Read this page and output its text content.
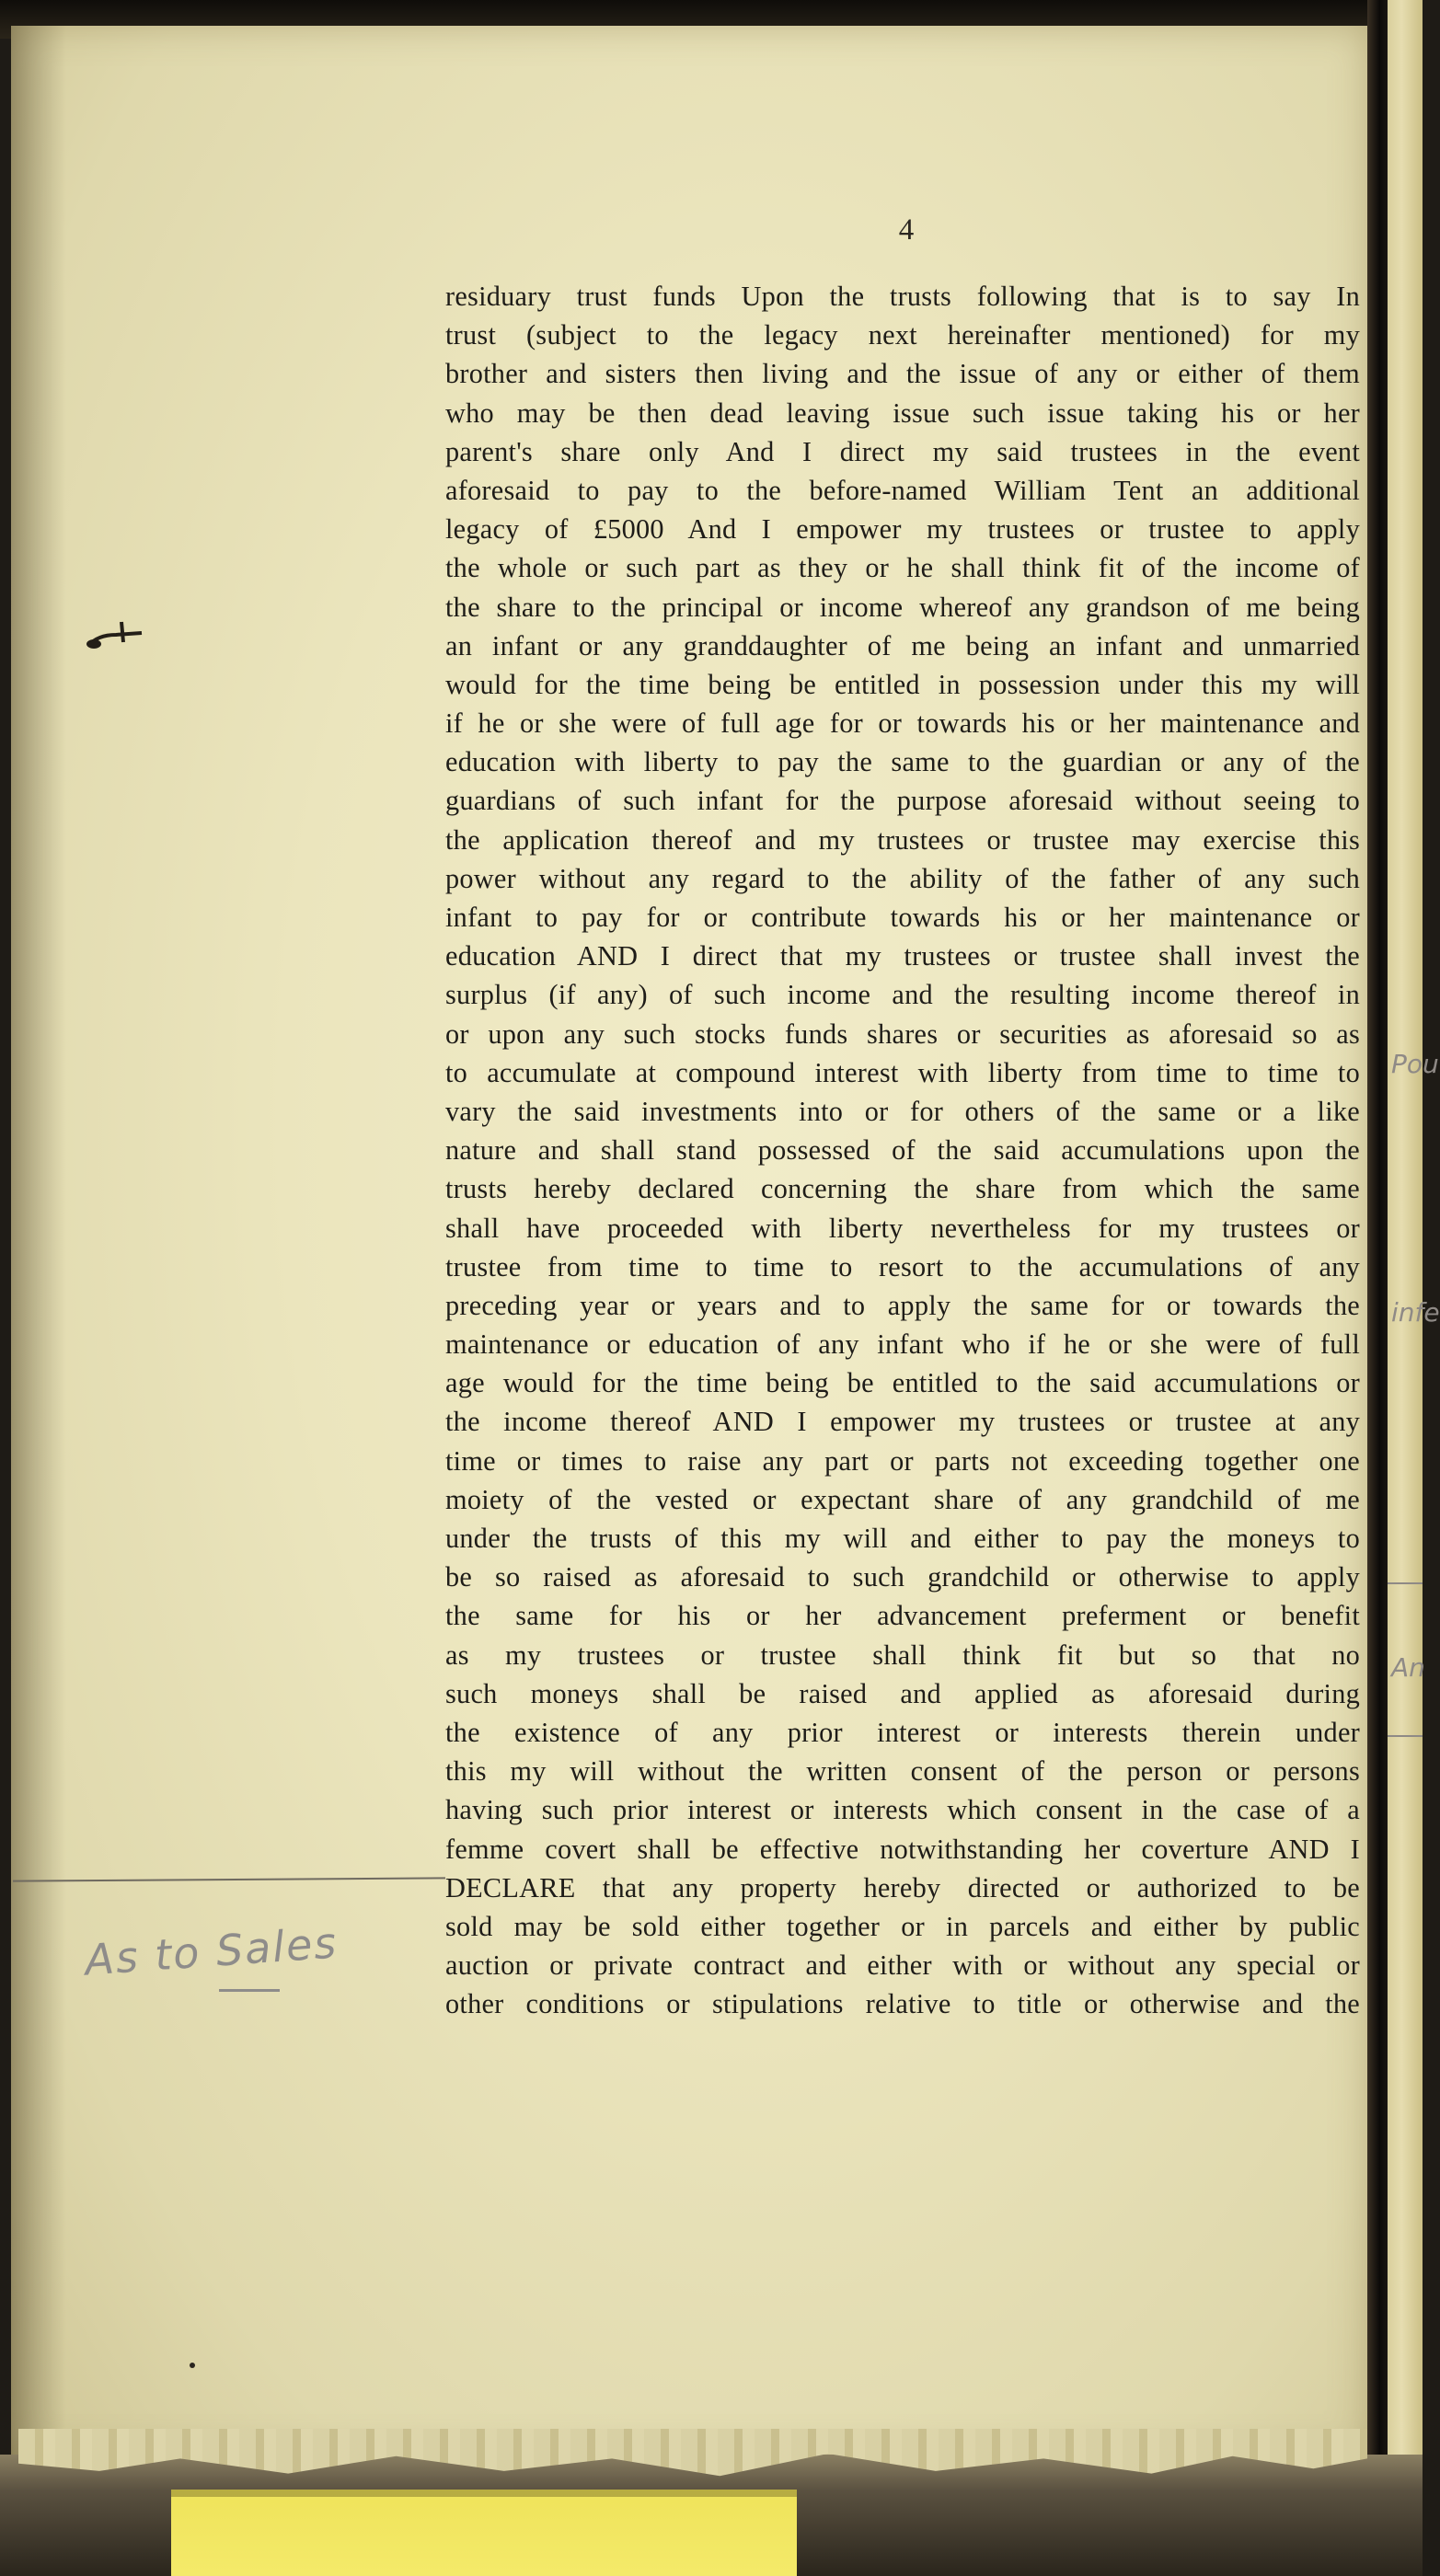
Pou
infe
An
4
residuary trust funds Upon the trusts following that is to say In
trust (subject to the legacy next hereinafter mentioned) for my
brother and sisters then living and the issue of any or either of them
who may be then dead leaving issue such issue taking his or her
parent's share only And I direct my said trustees in the event
aforesaid to pay to the before-named William Tent an additional
legacy of £5000 And I empower my trustees or trustee to apply
the whole or such part as they or he shall think fit of the income of
the share to the principal or income whereof any grandson of me being
an infant or any granddaughter of me being an infant and unmarried
would for the time being be entitled in possession under this my will
if he or she were of full age for or towards his or her maintenance and
education with liberty to pay the same to the guardian or any of the
guardians of such infant for the purpose aforesaid without seeing to
the application thereof and my trustees or trustee may exercise this
power without any regard to the ability of the father of any such
infant to pay for or contribute towards his or her maintenance or
education AND I direct that my trustees or trustee shall invest the
surplus (if any) of such income and the resulting income thereof in
or upon any such stocks funds shares or securities as aforesaid so as
to accumulate at compound interest with liberty from time to time to
vary the said investments into or for others of the same or a like
nature and shall stand possessed of the said accumulations upon the
trusts hereby declared concerning the share from which the same
shall have proceeded with liberty nevertheless for my trustees or
trustee from time to time to resort to the accumulations of any
preceding year or years and to apply the same for or towards the
maintenance or education of any infant who if he or she were of full
age would for the time being be entitled to the said accumulations or
the income thereof AND I empower my trustees or trustee at any
time or times to raise any part or parts not exceeding together one
moiety of the vested or expectant share of any grandchild of me
under the trusts of this my will and either to pay the moneys to
be so raised as aforesaid to such grandchild or otherwise to apply
the same for his or her advancement preferment or benefit
as my trustees or trustee shall think fit but so that no
such moneys shall be raised and applied as aforesaid during
the existence of any prior interest or interests therein under
this my will without the written consent of the person or persons
having such prior interest or interests which consent in the case of a
femme covert shall be effective notwithstanding her coverture AND I
DECLARE that any property hereby directed or authorized to be
sold may be sold either together or in parcels and either by public
auction or private contract and either with or without any special or
other conditions or stipulations relative to title or otherwise and the
As to Sales
